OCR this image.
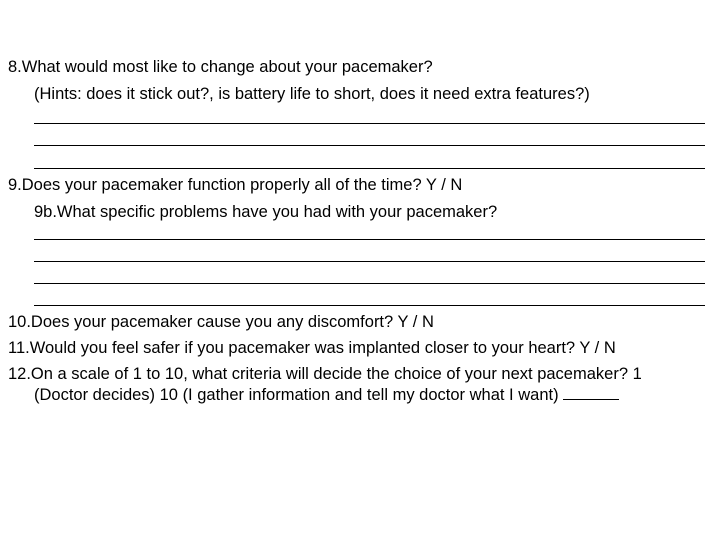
8.What would most like to change about your pacemaker?
(Hints: does it stick out?, is battery life to short, does it need extra features?)
9.Does your pacemaker function properly all of the time? Y / N
9b.What specific problems have you had with your pacemaker?
10.Does your pacemaker cause you any discomfort? Y / N
11.Would you feel safer if you pacemaker was implanted closer to your heart? Y / N
12.On a scale of 1 to 10, what criteria will decide the choice of your next pacemaker? 1
(Doctor decides) 10 (I gather information and tell my doctor what I want)
